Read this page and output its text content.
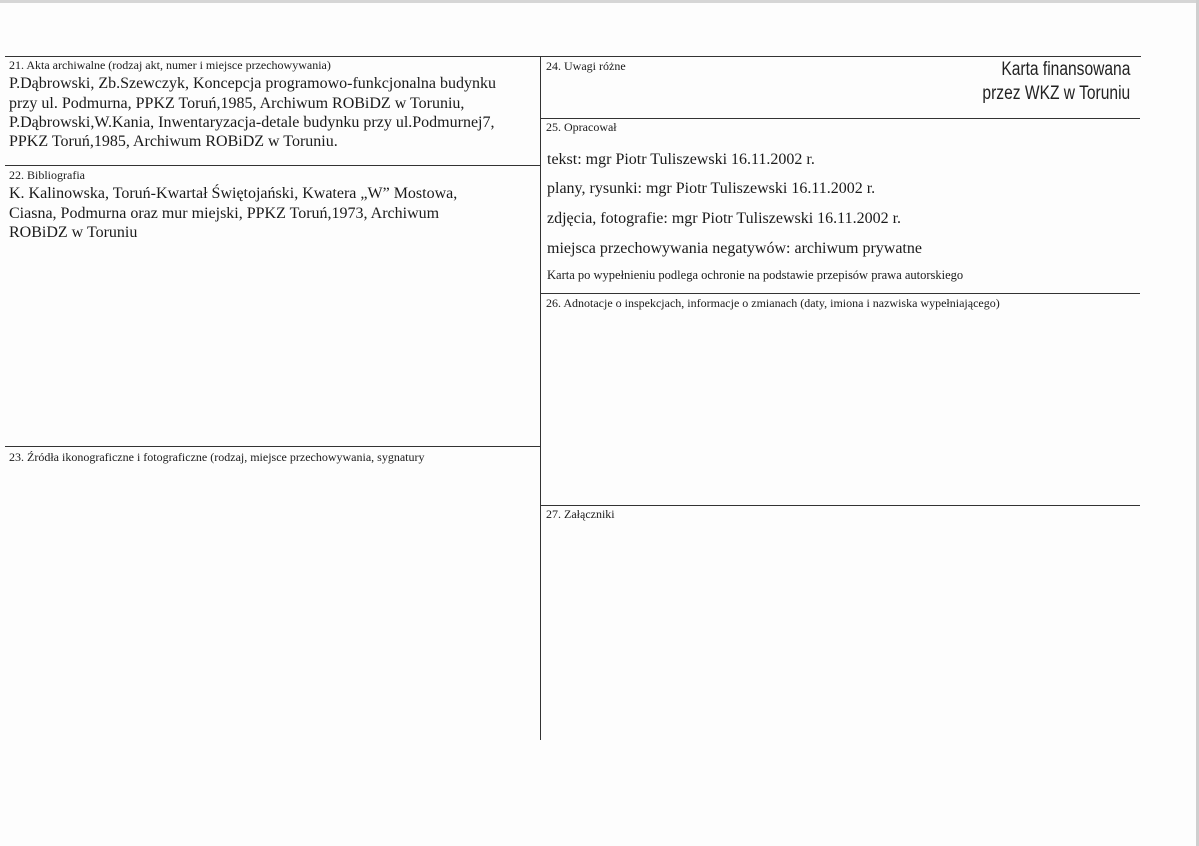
21. Akta archiwalne (rodzaj akt, numer i miejsce przechowywania)
P.Dąbrowski, Zb.Szewczyk, Koncepcja programowo-funkcjonalna budynku
przy ul. Podmurna, PPKZ Toruń,1985, Archiwum ROBiDZ w Toruniu,
P.Dąbrowski,W.Kania, Inwentaryzacja-detale budynku przy ul.Podmurnej7,
PPKZ Toruń,1985, Archiwum ROBiDZ w Toruniu.
22. Bibliografia
K. Kalinowska, Toruń-Kwartał Świętojański, Kwatera „W” Mostowa,
Ciasna, Podmurna oraz mur miejski, PPKZ Toruń,1973, Archiwum
ROBiDZ w Toruniu
23. Źródła ikonograficzne i fotograficzne (rodzaj, miejsce przechowywania, sygnatury
24. Uwagi różne	Karta finansowana
przez WKZ w Toruniu
25. Opracował
tekst: mgr Piotr Tuliszewski 16.11.2002 r.
plany, rysunki: mgr Piotr Tuliszewski 16.11.2002 r.
zdjęcia, fotografie: mgr Piotr Tuliszewski 16.11.2002 r.
miejsca przechowywania negatywów: archiwum prywatne
Karta po wypełnieniu podlega ochronie na podstawie przepisów prawa autorskiego
26. Adnotacje o inspekcjach, informacje o zmianach (daty, imiona i nazwiska wypełniającego)
27. Załączniki
